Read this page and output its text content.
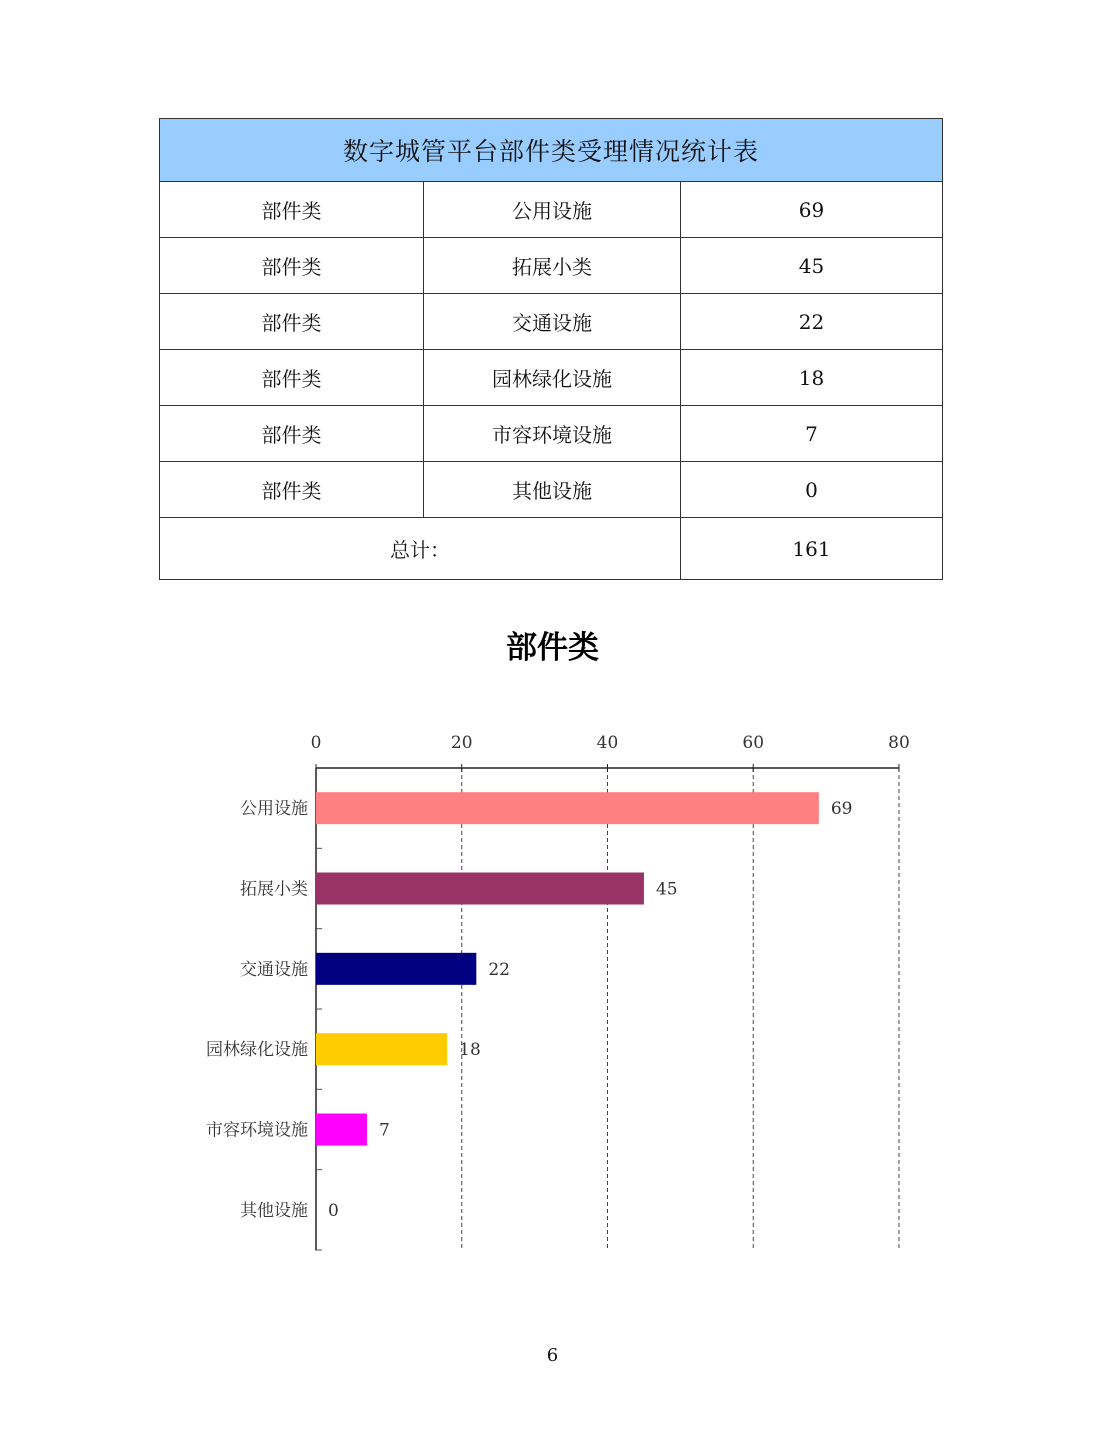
数字城管平台部件类受理情况统计表		
部件类	公用设施	69
部件类	拓展小类	45
部件类	交通设施	22
部件类	园林绿化设施	18
部件类	市容环境设施	7
部件类	其他设施	0
总计：		161
部件类
0	20	40	60	80
公用设施	69
拓展小类	45
交通设施	22
园林绿化设施	18
市容环境设施	7
其他设施 0
6
